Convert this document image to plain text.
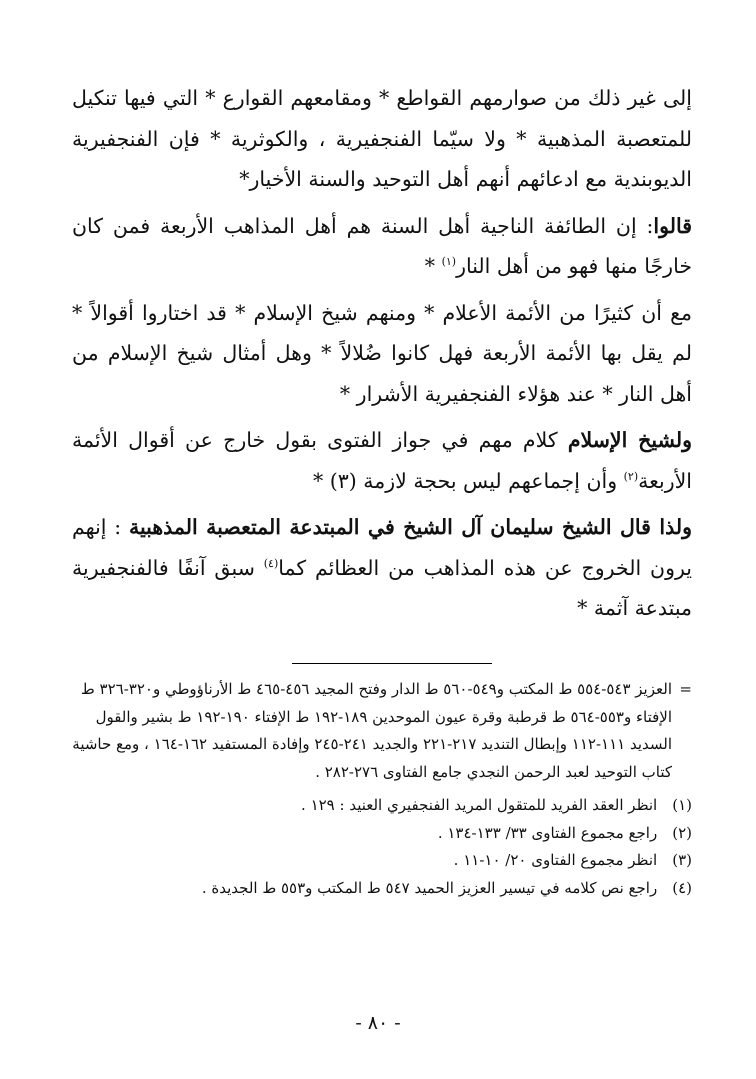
إلى غير ذلك من صوارمهم القواطع * ومقامعهم القوارع * التي فيها تنكيل للمتعصبة المذهبية * ولا سيّما الفنجفيرية ، والكوثرية * فإن الفنجفيرية الديوبندية مع ادعائهم أنهم أهل التوحيد والسنة الأخيار*

قالوا: إن الطائفة الناجية أهل السنة هم أهل المذاهب الأربعة فمن كان خارجًا منها فهو من أهل النار$^{(١)}$ *

مع أن كثيرًا من الأئمة الأعلام * ومنهم شيخ الإسلام * قد اختاروا أقوالاً * لم يقل بها الأئمة الأربعة فهل كانوا ضُلالاً * وهل أمثال شيخ الإسلام من أهل النار * عند هؤلاء الفنجفيرية الأشرار *

ولشيخ الإسلام كلام مهم في جواز الفتوى بقول خارج عن أقوال الأئمة الأربعة$^{(٢)}$ وأن إجماعهم ليس بحجة لازمة (٣) *

ولذا قال الشيخ سليمان آل الشيخ في المبتدعة المتعصبة المذهبية : إنهم يرون الخروج عن هذه المذاهب من العظائم كما$^{(٤)}$ سبق آنفًا فالفنجفيرية مبتدعة آثمة *

=
العزيز ٥٤٣-٥٥٤ ط المكتب و٥٤٩-٥٦٠ ط الدار وفتح المجيد ٤٥٦-٤٦٥ ط الأرناؤوطي و٣٢٠-٣٢٦ ط الإفتاء و٥٥٣-٥٦٤ ط قرطبة وقرة عيون الموحدين ١٨٩-١٩٢ ط الإفتاء ١٩٠-١٩٢ ط بشير والقول السديد ١١١-١١٢ وإبطال التنديد ٢١٧-٢٢١ والجديد ٢٤١-٢٤٥ وإفادة المستفيد ١٦٢-١٦٤ ، ومع حاشية كتاب التوحيد لعبد الرحمن النجدي جامع الفتاوى ٢٧٦-٢٨٢ .

(١) انظر العقد الفريد للمتقول المريد الفنجفيري العنيد : ١٢٩ .
(٢) راجع مجموع الفتاوى ٣٣/ ١٣٣-١٣٤ .
(٣) انظر مجموع الفتاوى ٢٠/ ١٠-١١ .
(٤) راجع نص كلامه في تيسير العزيز الحميد ٥٤٧ ط المكتب و٥٥٣ ط الجديدة .
- ٨٠ -
